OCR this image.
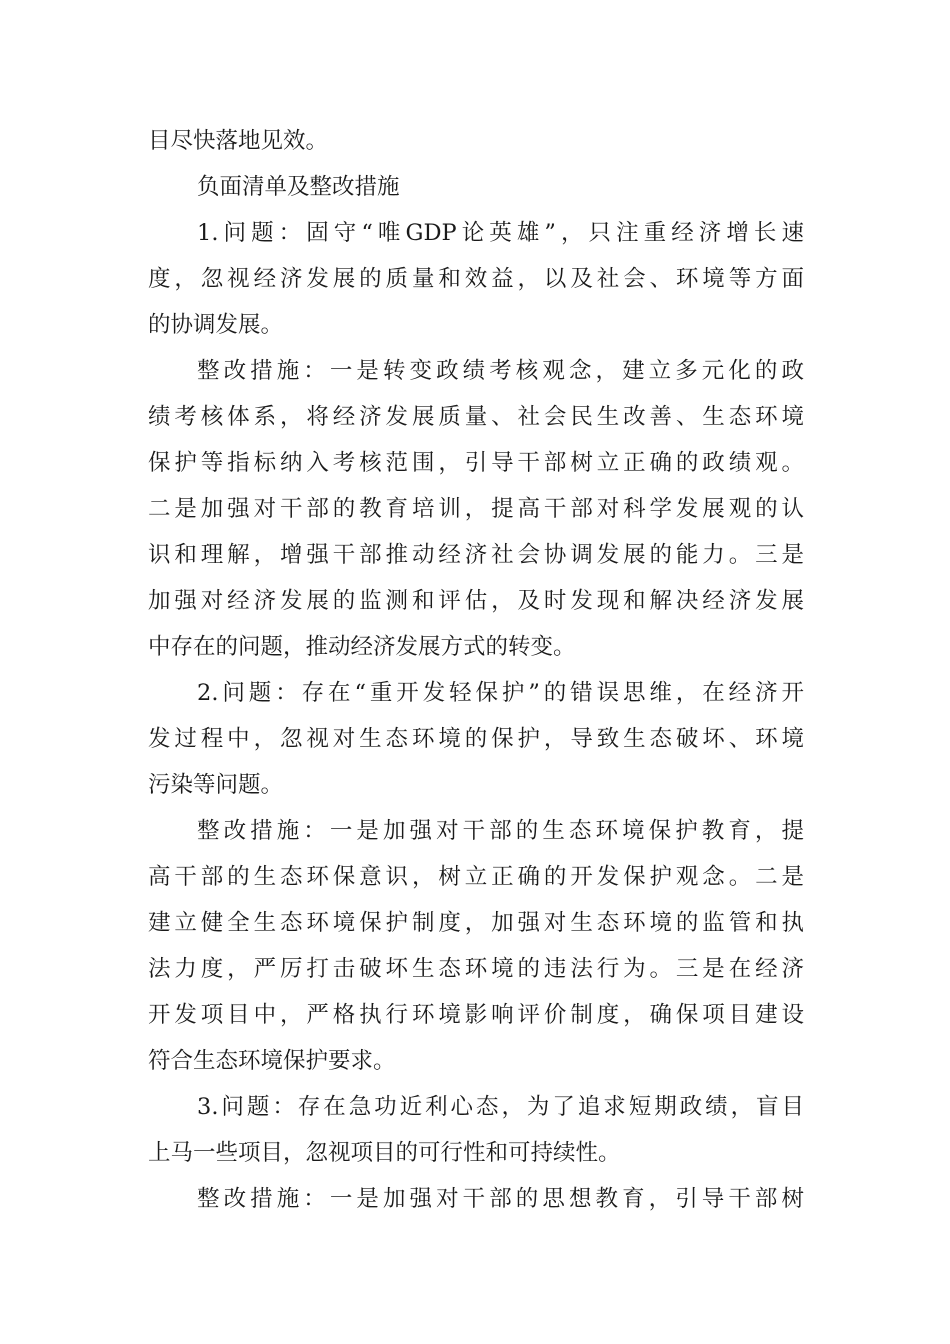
目尽快落地见效。
负面清单及整改措施
1.问题：固守“唯GDP论英雄”，只注重经济增长速
度，忽视经济发展的质量和效益，以及社会、环境等方面
的协调发展。
整改措施：一是转变政绩考核观念，建立多元化的政
绩考核体系，将经济发展质量、社会民生改善、生态环境
保护等指标纳入考核范围，引导干部树立正确的政绩观。
二是加强对干部的教育培训，提高干部对科学发展观的认
识和理解，增强干部推动经济社会协调发展的能力。三是
加强对经济发展的监测和评估，及时发现和解决经济发展
中存在的问题，推动经济发展方式的转变。
2.问题：存在“重开发轻保护”的错误思维，在经济开
发过程中，忽视对生态环境的保护，导致生态破坏、环境
污染等问题。
整改措施：一是加强对干部的生态环境保护教育，提
高干部的生态环保意识，树立正确的开发保护观念。二是
建立健全生态环境保护制度，加强对生态环境的监管和执
法力度，严厉打击破坏生态环境的违法行为。三是在经济
开发项目中，严格执行环境影响评价制度，确保项目建设
符合生态环境保护要求。
3.问题：存在急功近利心态，为了追求短期政绩，盲目
上马一些项目，忽视项目的可行性和可持续性。
整改措施：一是加强对干部的思想教育，引导干部树
